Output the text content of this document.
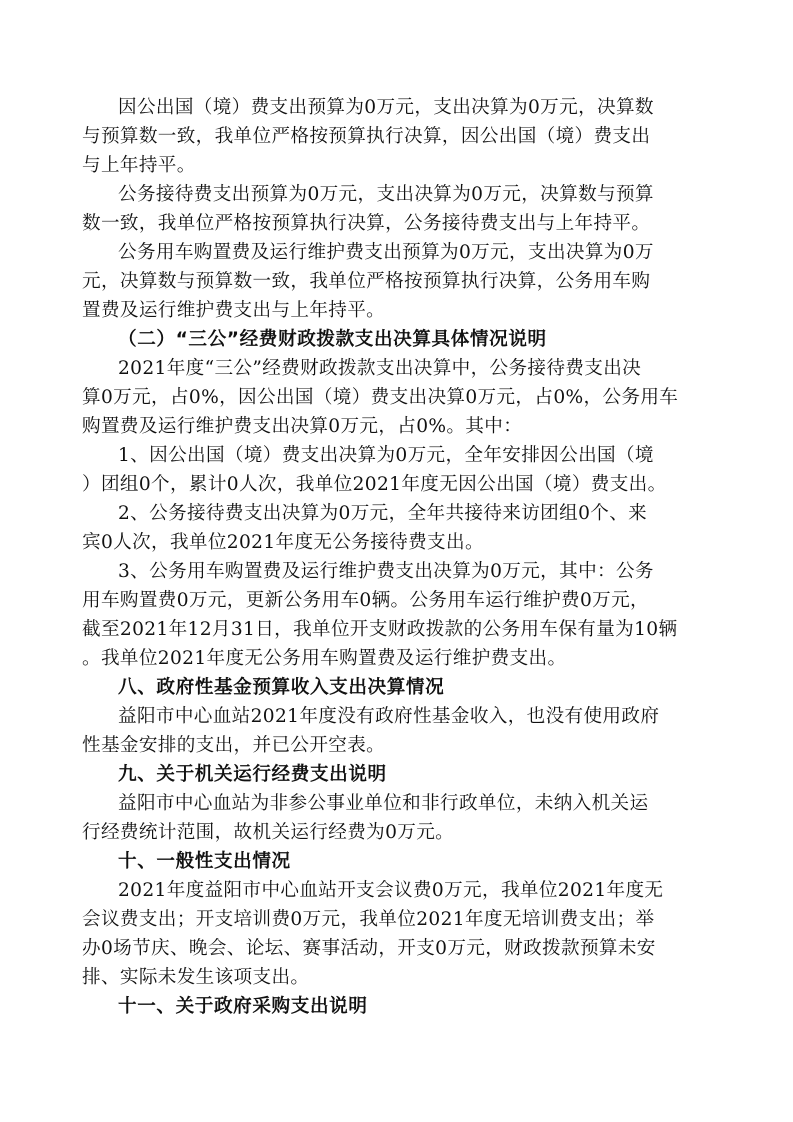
因公出国（境）费支出预算为0万元，支出决算为0万元，决算数
与预算数一致，我单位严格按预算执行决算，因公出国（境）费支出
与上年持平。

公务接待费支出预算为0万元，支出决算为0万元，决算数与预算
数一致，我单位严格按预算执行决算，公务接待费支出与上年持平。

公务用车购置费及运行维护费支出预算为0万元，支出决算为0万
元，决算数与预算数一致，我单位严格按预算执行决算，公务用车购
置费及运行维护费支出与上年持平。

（二）“三公”经费财政拨款支出决算具体情况说明

2021年度“三公”经费财政拨款支出决算中，公务接待费支出决
算0万元，占0%，因公出国（境）费支出决算0万元，占0%，公务用车
购置费及运行维护费支出决算0万元，占0%。其中：

1、因公出国（境）费支出决算为0万元，全年安排因公出国（境
）团组0个，累计0人次，我单位2021年度无因公出国（境）费支出。

2、公务接待费支出决算为0万元，全年共接待来访团组0个、来
宾0人次，我单位2021年度无公务接待费支出。

3、公务用车购置费及运行维护费支出决算为0万元，其中：公务
用车购置费0万元，更新公务用车0辆。公务用车运行维护费0万元，
截至2021年12月31日，我单位开支财政拨款的公务用车保有量为10辆
。我单位2021年度无公务用车购置费及运行维护费支出。

八、政府性基金预算收入支出决算情况

益阳市中心血站2021年度没有政府性基金收入，也没有使用政府
性基金安排的支出，并已公开空表。

九、关于机关运行经费支出说明

益阳市中心血站为非参公事业单位和非行政单位，未纳入机关运
行经费统计范围，故机关运行经费为0万元。

十、一般性支出情况

2021年度益阳市中心血站开支会议费0万元，我单位2021年度无
会议费支出；开支培训费0万元，我单位2021年度无培训费支出；举
办0场节庆、晚会、论坛、赛事活动，开支0万元，财政拨款预算未安
排、实际未发生该项支出。

十一、关于政府采购支出说明
